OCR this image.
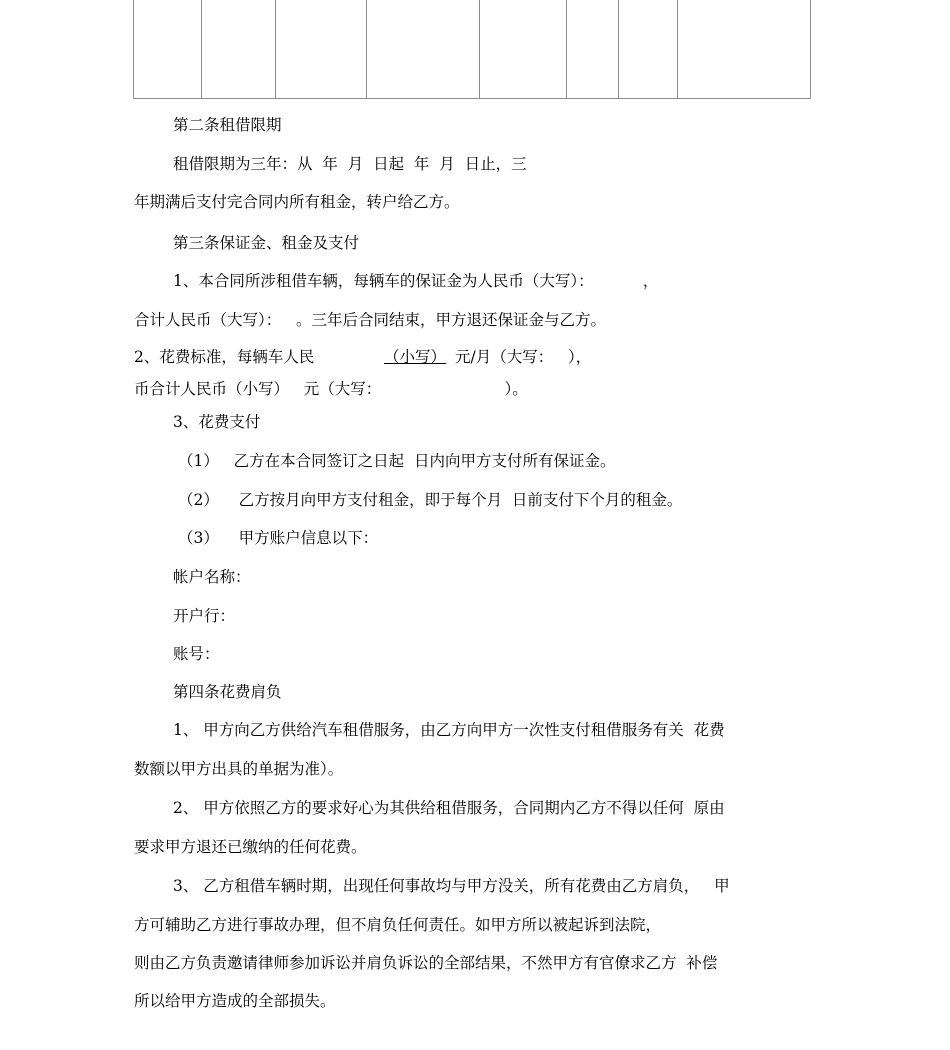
第二条租借限期

租借限期为三年：从  年  月  日起  年  月  日止，三

年期满后支付完合同内所有租金，转户给乙方。

第三条保证金、租金及支付

1、本合同所涉租借车辆，每辆车的保证金为人民币（大写）：          ，

合计人民币（大写）：   。三年后合同结束，甲方退还保证金与乙方。

2、花费标准，每辆车人民	（小写） 元/月（大写：   ），

币合计人民币（小写）   元（大写：                         ）。

3、花费支付

（1）   乙方在本合同签订之日起  日内向甲方支付所有保证金。

（2）    乙方按月向甲方支付租金，即于每个月  日前支付下个月的租金。

（3）    甲方账户信息以下：

帐户名称：

开户行：

账号：

第四条花费肩负

1、 甲方向乙方供给汽车租借服务，由乙方向甲方一次性支付租借服务有关  花费

数额以甲方出具的单据为准）。

2、 甲方依照乙方的要求好心为其供给租借服务，合同期内乙方不得以任何  原由

要求甲方退还已缴纳的任何花费。

3、 乙方租借车辆时期，出现任何事故均与甲方没关，所有花费由乙方肩负，   甲

方可辅助乙方进行事故办理，但不肩负任何责任。如甲方所以被起诉到法院，

则由乙方负责邀请律师参加诉讼并肩负诉讼的全部结果，不然甲方有官僚求乙方  补偿

所以给甲方造成的全部损失。
